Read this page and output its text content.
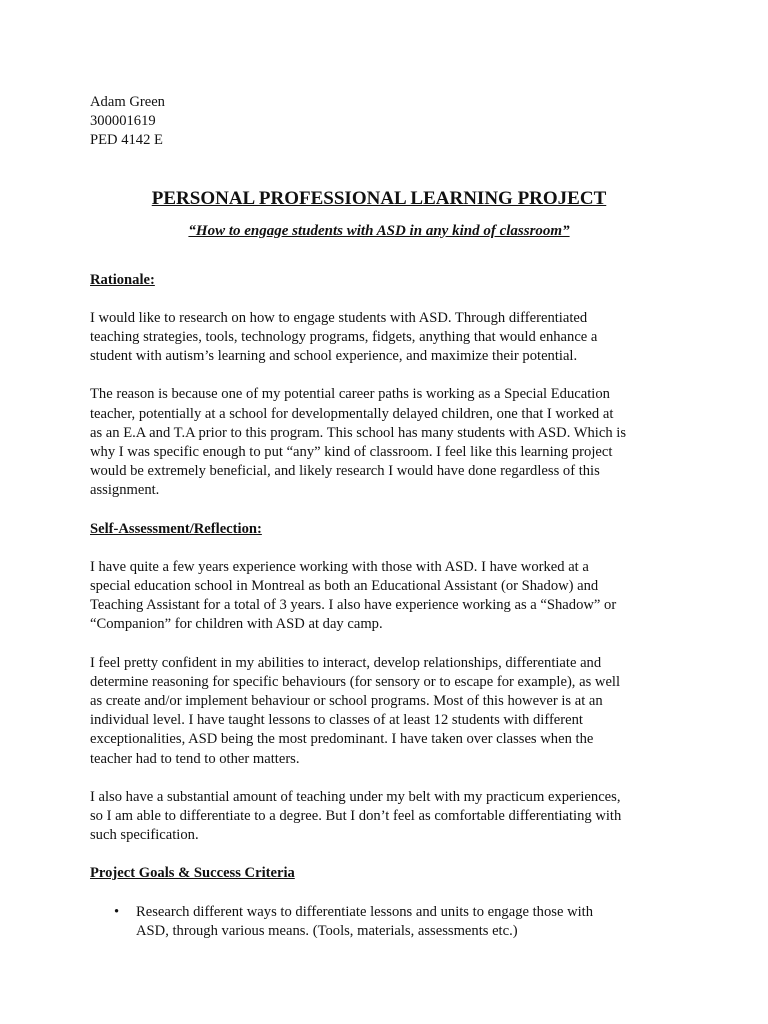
Adam Green

300001619

PED 4142 E

PERSONAL PROFESSIONAL LEARNING PROJECT

“How to engage students with ASD in any kind of classroom”

Rationale:

I would like to research on how to engage students with ASD. Through differentiated teaching strategies, tools, technology programs, fidgets, anything that would enhance a student with autism’s learning and school experience, and maximize their potential.

The reason is because one of my potential career paths is working as a Special Education teacher, potentially at a school for developmentally delayed children, one that I worked at as an E.A and T.A prior to this program. This school has many students with ASD. Which is why I was specific enough to put “any” kind of classroom. I feel like this learning project would be extremely beneficial, and likely research I would have done regardless of this assignment.

Self-Assessment/Reflection:

I have quite a few years experience working with those with ASD. I have worked at a special education school in Montreal as both an Educational Assistant (or Shadow) and Teaching Assistant for a total of 3 years. I also have experience working as a “Shadow” or “Companion” for children with ASD at day camp.

I feel pretty confident in my abilities to interact, develop relationships, differentiate and determine reasoning for specific behaviours (for sensory or to escape for example), as well as create and/or implement behaviour or school programs. Most of this however is at an individual level. I have taught lessons to classes of at least 12 students with different exceptionalities, ASD being the most predominant. I have taken over classes when the teacher had to tend to other matters.

I also have a substantial amount of teaching under my belt with my practicum experiences, so I am able to differentiate to a degree. But I don’t feel as comfortable differentiating with such specification.

Project Goals & Success Criteria

• Research different ways to differentiate lessons and units to engage those with ASD, through various means. (Tools, materials, assessments etc.)
